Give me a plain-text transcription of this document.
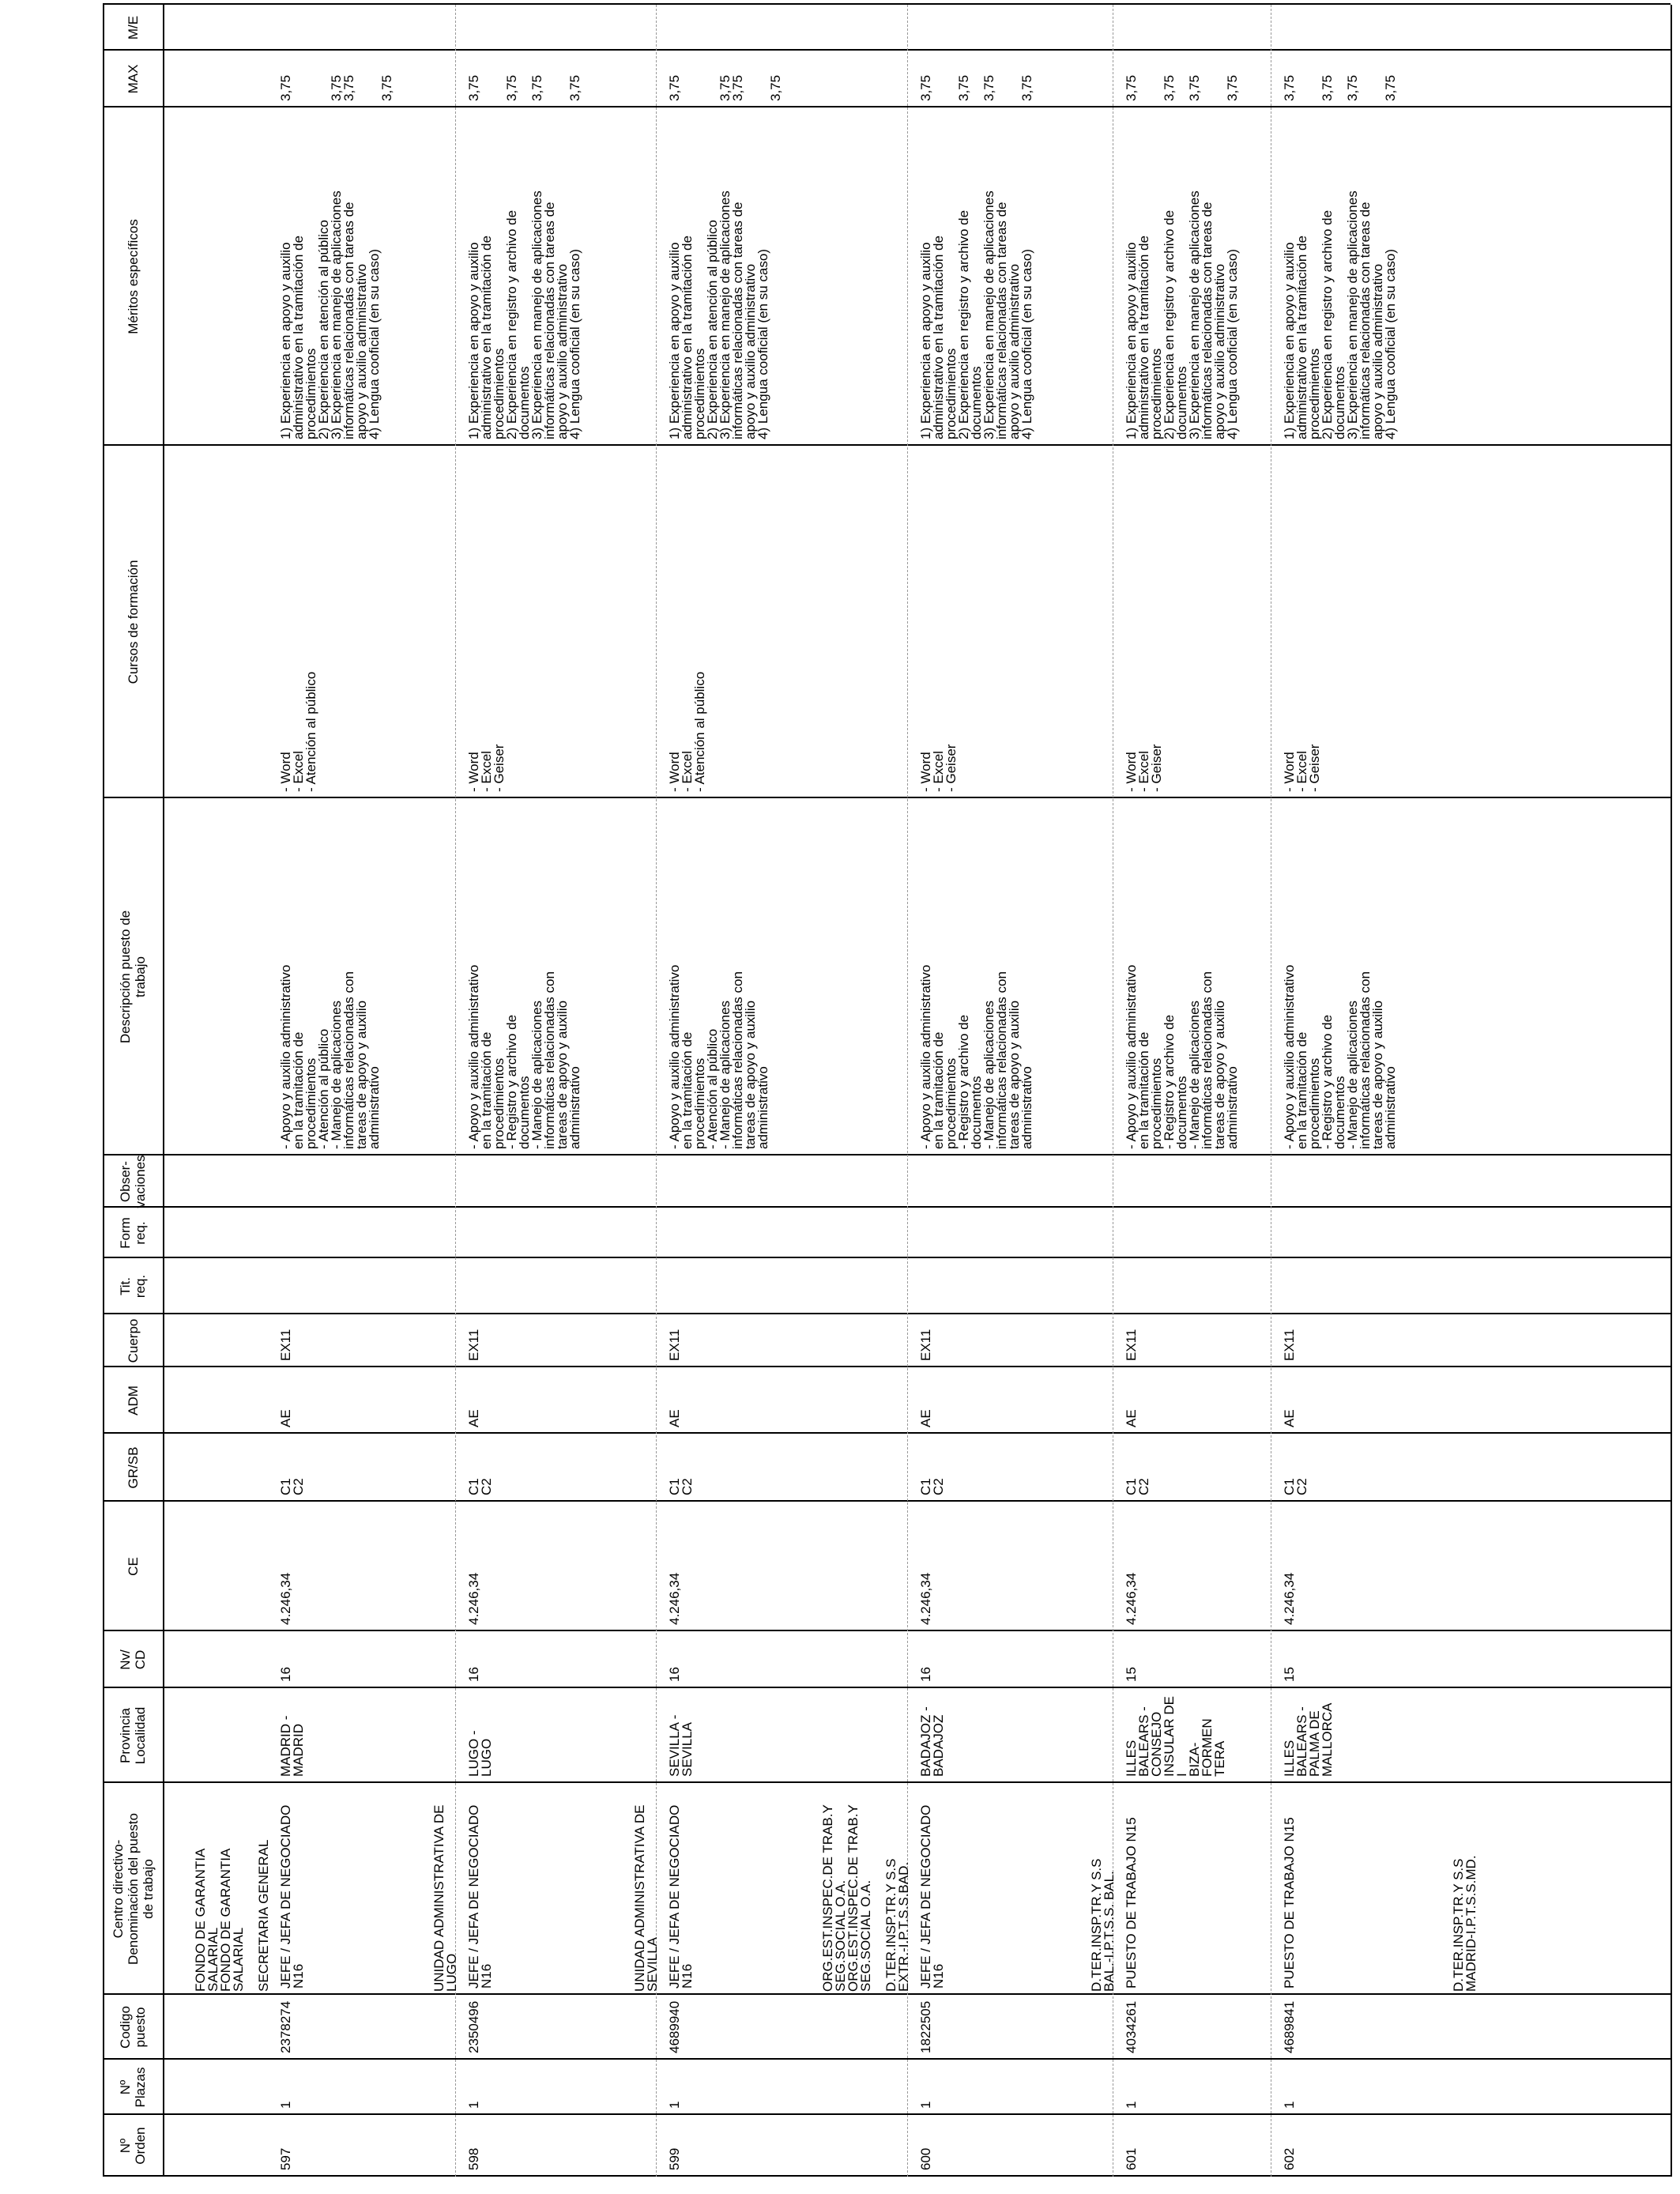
Nº
Orden
Nº
Plazas
Codigo
puesto
Centro directivo-
Denominación del puesto
de trabajo
Provincia
Localidad
Nv/
CD
CE
GR/SB
ADM
Cuerpo
Tit.
req.
Form
req.
Obser-
vaciones
Descripción puesto de
trabajo
Cursos de formación
Méritos específicos
MAX
M/E
FONDO DE GARANTIA
SALARIAL
FONDO DE GARANTIA
SALARIAL

SECRETARIA GENERAL
597
1
2378274
JEFE / JEFA DE NEGOCIADO
N16
MADRID -
MADRID
16
4.246,34
C1
C2
AE
EX11
- Apoyo y auxilio administrativo
en la tramitación de
procedimientos
- Atención al público
- Manejo de aplicaciones
informáticas relacionadas con
tareas de apoyo y auxilio
administrativo
- Word
- Excel
- Atención al público
1) Experiencia en apoyo y auxilio
administrativo en la tramitación de
procedimientos
2) Experiencia en atención al público
3) Experiencia en manejo de aplicaciones
informáticas relacionadas con tareas de
apoyo y auxilio administrativo
4) Lengua cooficial (en su caso)
3,75

3,75
3,75

3,75
UNIDAD ADMINISTRATIVA DE
LUGO
598
1
2350496
JEFE / JEFA DE NEGOCIADO
N16
LUGO - LUGO
16
4.246,34
C1
C2
AE
EX11
- Apoyo y auxilio administrativo
en la tramitación de
procedimientos
- Registro y archivo de
documentos
- Manejo de aplicaciones
informáticas relacionadas con
tareas de apoyo y auxilio
administrativo
- Word
- Excel
- Geiser
1) Experiencia en apoyo y auxilio
administrativo en la tramitación de
procedimientos
2) Experiencia en registro y archivo de
documentos
3) Experiencia en manejo de aplicaciones
informáticas relacionadas con tareas de
apoyo y auxilio administrativo
4) Lengua cooficial (en su caso)
3,75

3,75

3,75

3,75
UNIDAD ADMINISTRATIVA DE
SEVILLA
599
1
4689940
JEFE / JEFA DE NEGOCIADO
N16
SEVILLA -
SEVILLA
16
4.246,34
C1
C2
AE
EX11
- Apoyo y auxilio administrativo
en la tramitación de
procedimientos
- Atención al público
- Manejo de aplicaciones
informáticas relacionadas con
tareas de apoyo y auxilio
administrativo
- Word
- Excel
- Atención al público
1) Experiencia en apoyo y auxilio
administrativo en la tramitación de
procedimientos
2) Experiencia en atención al público
3) Experiencia en manejo de aplicaciones
informáticas relacionadas con tareas de
apoyo y auxilio administrativo
4) Lengua cooficial (en su caso)
3,75

3,75
3,75

3,75
ORG.EST.INSPEC.DE TRAB.Y
SEG.SOCIAL O.A.
ORG.EST.INSPEC.DE TRAB.Y
SEG.SOCIAL O.A.

D.TER.INSP.TR.Y S.S
EXTR.-I.P.T.S.S.BAD.
600
1
1822505
JEFE / JEFA DE NEGOCIADO
N16
BADAJOZ -
BADAJOZ
16
4.246,34
C1
C2
AE
EX11
- Apoyo y auxilio administrativo
en la tramitación de
procedimientos
- Registro y archivo de
documentos
- Manejo de aplicaciones
informáticas relacionadas con
tareas de apoyo y auxilio
administrativo
- Word
- Excel
- Geiser
1) Experiencia en apoyo y auxilio
administrativo en la tramitación de
procedimientos
2) Experiencia en registro y archivo de
documentos
3) Experiencia en manejo de aplicaciones
informáticas relacionadas con tareas de
apoyo y auxilio administrativo
4) Lengua cooficial (en su caso)
3,75

3,75

3,75

3,75
D.TER.INSP.TR.Y S.S
BAL.-I.P.T.S.S. BAL.
601
1
4034261
PUESTO DE TRABAJO N15
ILLES
BALEARS -
CONSEJO
INSULAR DE I
BIZA-FORMEN
TERA
15
4.246,34
C1
C2
AE
EX11
- Apoyo y auxilio administrativo
en la tramitación de
procedimientos
- Registro y archivo de
documentos
- Manejo de aplicaciones
informáticas relacionadas con
tareas de apoyo y auxilio
administrativo
- Word
- Excel
- Geiser
1) Experiencia en apoyo y auxilio
administrativo en la tramitación de
procedimientos
2) Experiencia en registro y archivo de
documentos
3) Experiencia en manejo de aplicaciones
informáticas relacionadas con tareas de
apoyo y auxilio administrativo
4) Lengua cooficial (en su caso)
3,75

3,75

3,75

3,75
D.TER.INSP.TR.Y S.S
MADRID-I.P.T.S.S.MD.
602
1
4689841
PUESTO DE TRABAJO N15
ILLES
BALEARS -
PALMA DE
MALLORCA
15
4.246,34
C1
C2
AE
EX11
- Apoyo y auxilio administrativo
en la tramitación de
procedimientos
- Registro y archivo de
documentos
- Manejo de aplicaciones
informáticas relacionadas con
tareas de apoyo y auxilio
administrativo
- Word
- Excel
- Geiser
1) Experiencia en apoyo y auxilio
administrativo en la tramitación de
procedimientos
2) Experiencia en registro y archivo de
documentos
3) Experiencia en manejo de aplicaciones
informáticas relacionadas con tareas de
apoyo y auxilio administrativo
4) Lengua cooficial (en su caso)
3,75

3,75

3,75

3,75
